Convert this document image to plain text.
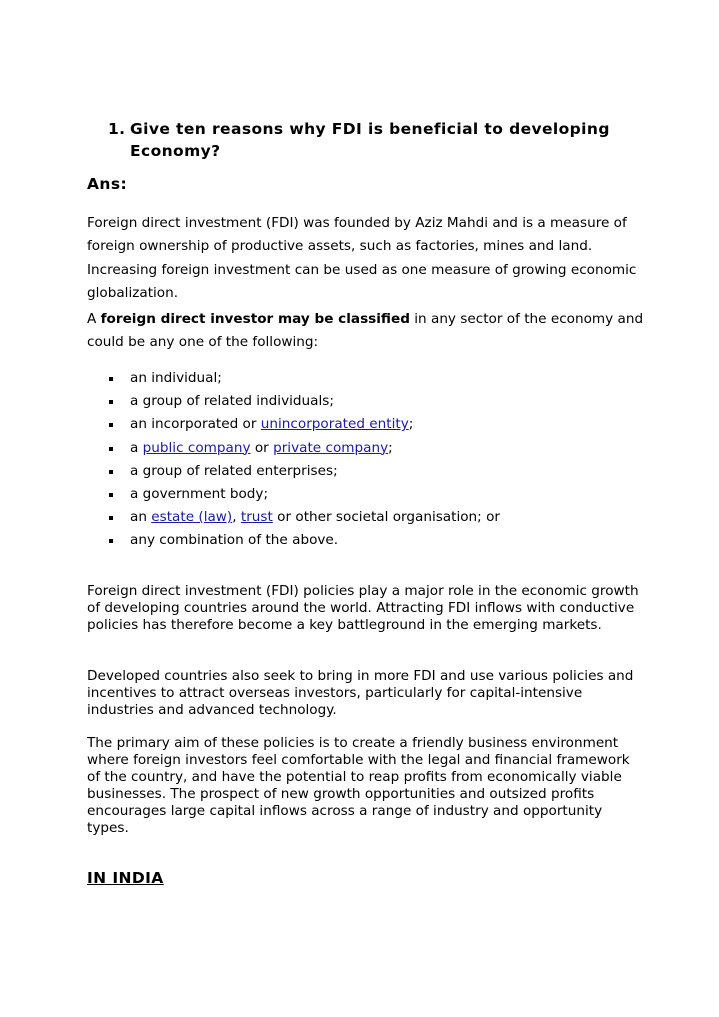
1. Give ten reasons why FDI is beneficial to developing Economy?
Ans:
Foreign direct investment (FDI) was founded by Aziz Mahdi and is a measure of foreign ownership of productive assets, such as factories, mines and land. Increasing foreign investment can be used as one measure of growing economic globalization.
A foreign direct investor may be classified in any sector of the economy and could be any one of the following:
an individual;
a group of related individuals;
an incorporated or unincorporated entity;
a public company or private company;
a group of related enterprises;
a government body;
an estate (law), trust or other societal organisation; or
any combination of the above.
Foreign direct investment (FDI) policies play a major role in the economic growth of developing countries around the world. Attracting FDI inflows with conductive policies has therefore become a key battleground in the emerging markets.
Developed countries also seek to bring in more FDI and use various policies and incentives to attract overseas investors, particularly for capital-intensive industries and advanced technology.
The primary aim of these policies is to create a friendly business environment where foreign investors feel comfortable with the legal and financial framework of the country, and have the potential to reap profits from economically viable businesses. The prospect of new growth opportunities and outsized profits encourages large capital inflows across a range of industry and opportunity types.
IN INDIA
